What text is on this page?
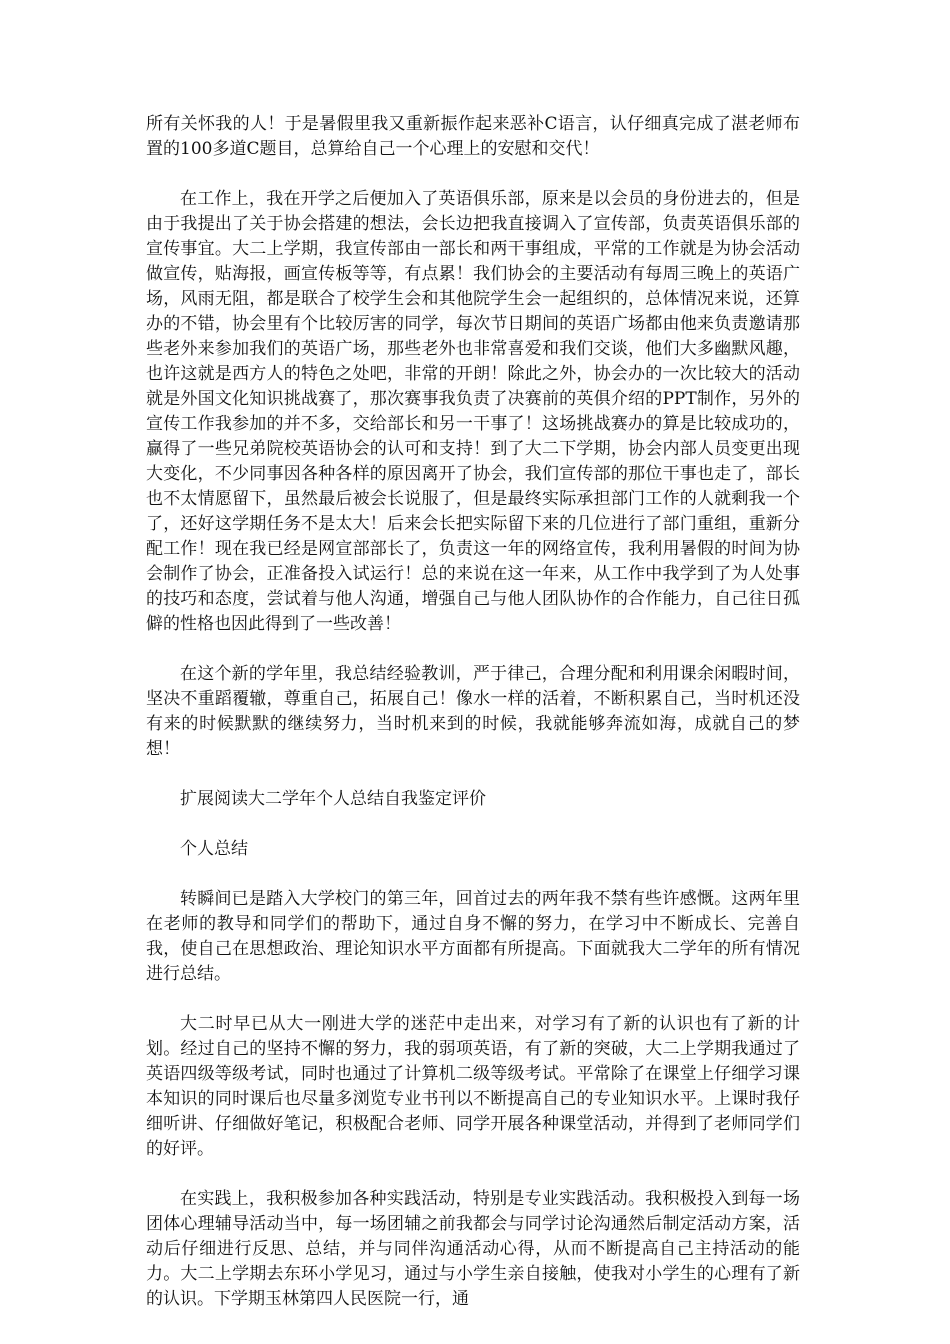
所有关怀我的人！于是暑假里我又重新振作起来恶补C语言，认仔细真完成了湛老师布置的100多道C题目，总算给自己一个心理上的安慰和交代！

在工作上，我在开学之后便加入了英语俱乐部，原来是以会员的身份进去的，但是由于我提出了关于协会搭建的想法，会长边把我直接调入了宣传部，负责英语俱乐部的宣传事宜。大二上学期，我宣传部由一部长和两干事组成，平常的工作就是为协会活动做宣传，贴海报，画宣传板等等，有点累！我们协会的主要活动有每周三晚上的英语广场，风雨无阻，都是联合了校学生会和其他院学生会一起组织的，总体情况来说，还算办的不错，协会里有个比较厉害的同学，每次节日期间的英语广场都由他来负责邀请那些老外来参加我们的英语广场，那些老外也非常喜爱和我们交谈，他们大多幽默风趣，也许这就是西方人的特色之处吧，非常的开朗！除此之外，协会办的一次比较大的活动就是外国文化知识挑战赛了，那次赛事我负责了决赛前的英俱介绍的PPT制作，另外的宣传工作我参加的并不多，交给部长和另一干事了！这场挑战赛办的算是比较成功的，赢得了一些兄弟院校英语协会的认可和支持！到了大二下学期，协会内部人员变更出现大变化，不少同事因各种各样的原因离开了协会，我们宣传部的那位干事也走了，部长也不太情愿留下，虽然最后被会长说服了，但是最终实际承担部门工作的人就剩我一个了，还好这学期任务不是太大！后来会长把实际留下来的几位进行了部门重组，重新分配工作！现在我已经是网宣部部长了，负责这一年的网络宣传，我利用暑假的时间为协会制作了协会，正准备投入试运行！总的来说在这一年来，从工作中我学到了为人处事的技巧和态度，尝试着与他人沟通，增强自己与他人团队协作的合作能力，自己往日孤僻的性格也因此得到了一些改善！

在这个新的学年里，我总结经验教训，严于律己，合理分配和利用课余闲暇时间，坚决不重蹈覆辙，尊重自己，拓展自己！像水一样的活着，不断积累自己，当时机还没有来的时候默默的继续努力，当时机来到的时候，我就能够奔流如海，成就自己的梦想！

扩展阅读大二学年个人总结自我鉴定评价

个人总结

转瞬间已是踏入大学校门的第三年，回首过去的两年我不禁有些许感慨。这两年里在老师的教导和同学们的帮助下，通过自身不懈的努力，在学习中不断成长、完善自我，使自己在思想政治、理论知识水平方面都有所提高。下面就我大二学年的所有情况进行总结。

大二时早已从大一刚进大学的迷茫中走出来，对学习有了新的认识也有了新的计划。经过自己的坚持不懈的努力，我的弱项英语，有了新的突破，大二上学期我通过了英语四级等级考试，同时也通过了计算机二级等级考试。平常除了在课堂上仔细学习课本知识的同时课后也尽量多浏览专业书刊以不断提高自己的专业知识水平。上课时我仔细听讲、仔细做好笔记，积极配合老师、同学开展各种课堂活动，并得到了老师同学们的好评。

在实践上，我积极参加各种实践活动，特别是专业实践活动。我积极投入到每一场团体心理辅导活动当中，每一场团辅之前我都会与同学讨论沟通然后制定活动方案，活动后仔细进行反思、总结，并与同伴沟通活动心得，从而不断提高自己主持活动的能力。大二上学期去东环小学见习，通过与小学生亲自接触，使我对小学生的心理有了新的认识。下学期玉林第四人民医院一行，通
